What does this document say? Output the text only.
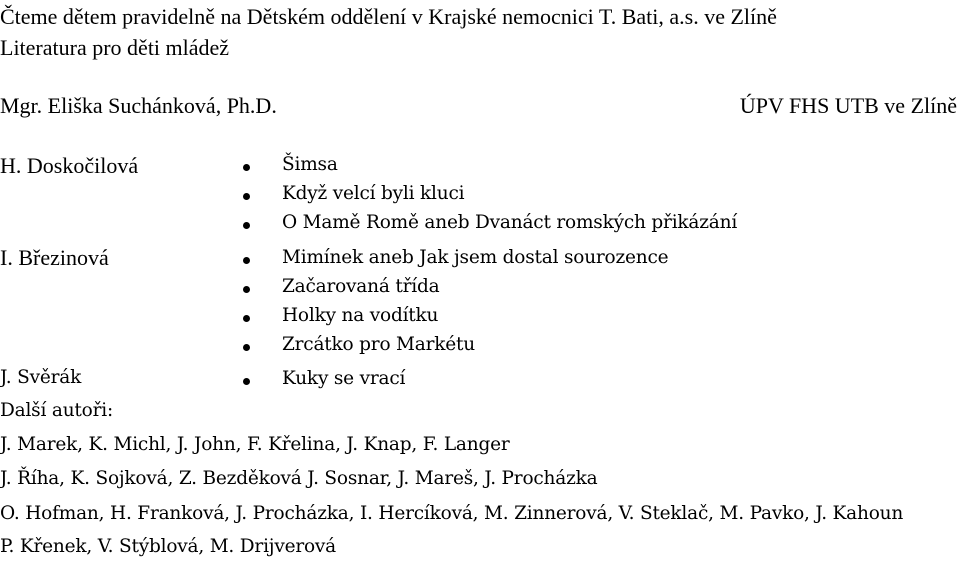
Čteme dětem pravidelně na Dětském oddělení v Krajské nemocnici T. Bati, a.s. ve Zlíně
Literatura pro děti mládež
Mgr. Eliška Suchánková, Ph.D.	ÚPV FHS UTB ve Zlíně
H. Doskočilová	Šimsa
Když velcí byli kluci
O Mamě Romě aneb Dvanáct romských přikázání
I. Březinová	Mimínek aneb Jak jsem dostal sourozence
Začarovaná třída
Holky na vodítku
Zrcátko pro Markétu
J. Svěrák	Kuky se vrací
Další autoři:
J. Marek, K. Michl, J. John, F. Křelina, J. Knap, F. Langer
J. Říha, K. Sojková, Z. Bezděková J. Sosnar, J. Mareš, J. Procházka
O. Hofman, H. Franková, J. Procházka, I. Hercíková, M. Zinnerová, V. Steklač, M. Pavko, J. Kahoun
P. Křenek, V. Stýblová, M. Drijverová
